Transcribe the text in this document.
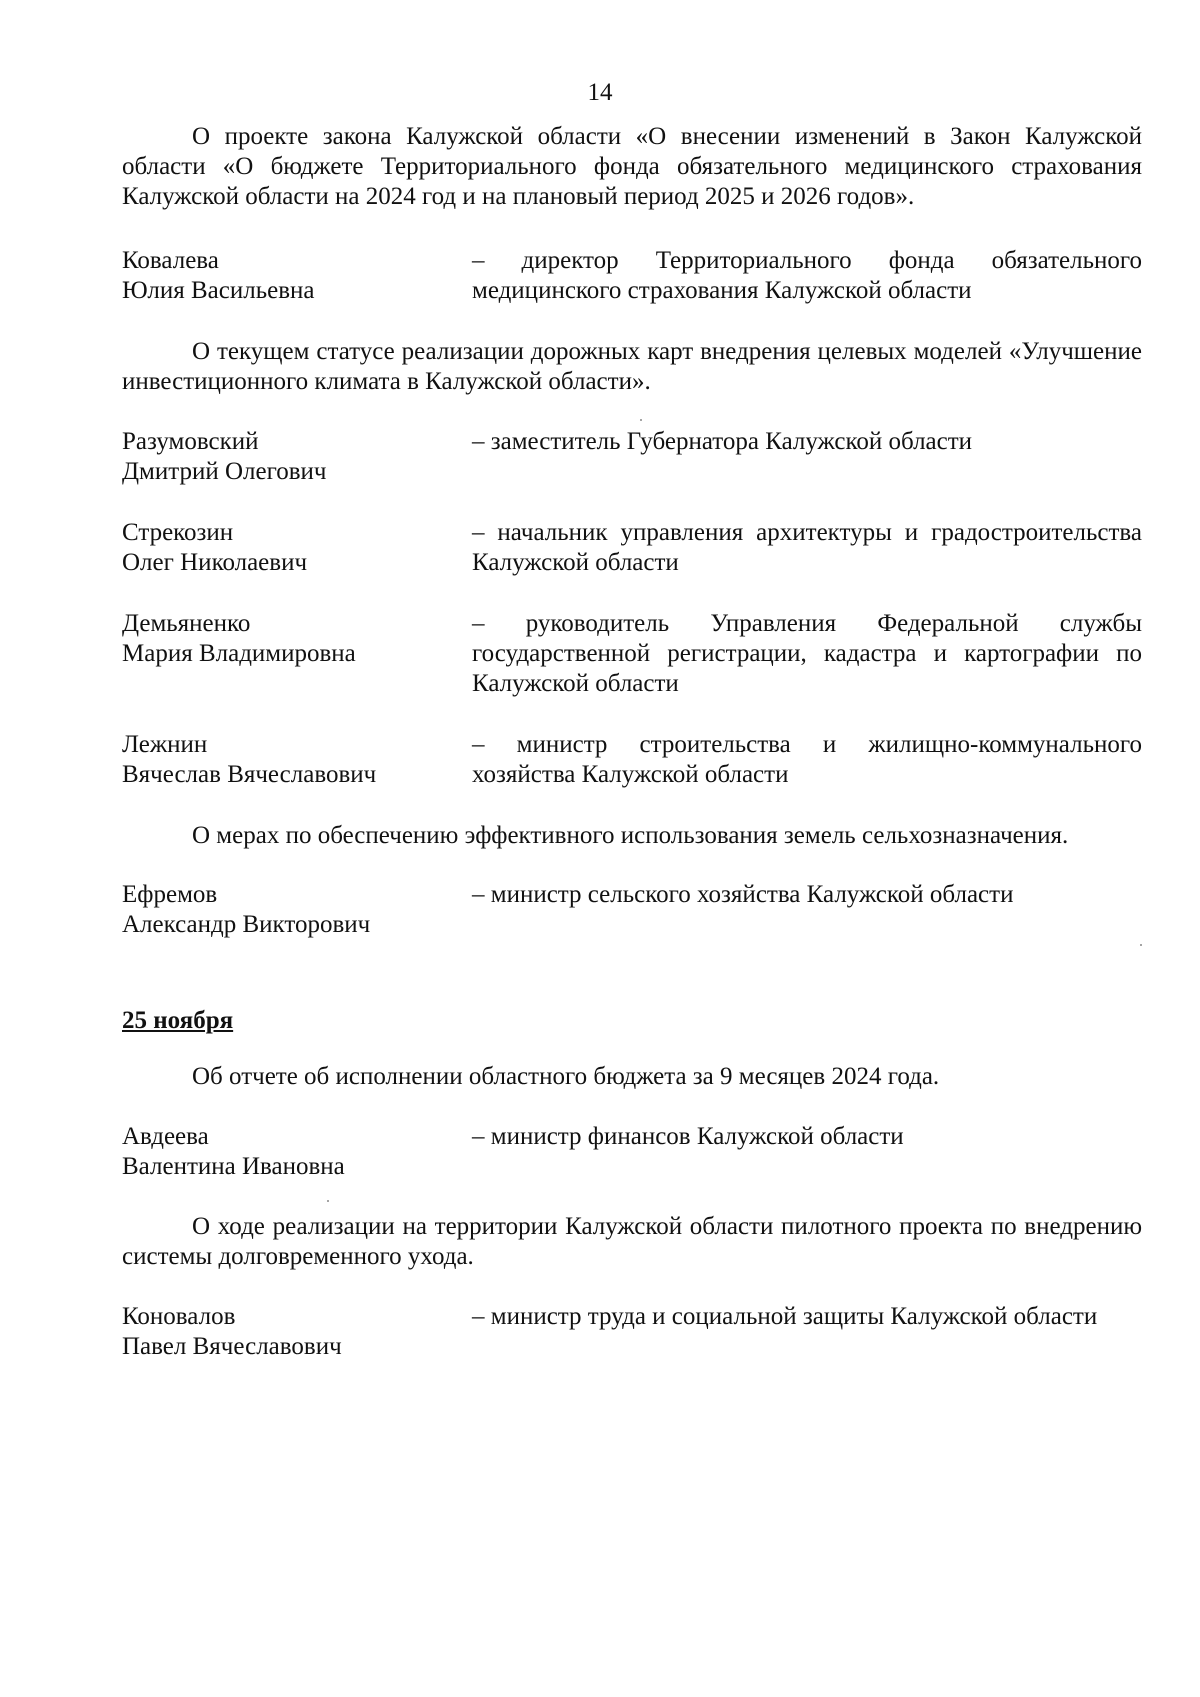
14

О проекте закона Калужской области «О внесении изменений в Закон Калужской области «О бюджете Территориального фонда обязательного медицинского страхования Калужской области на 2024 год и на плановый период 2025 и 2026 годов».

Ковалева
Юлия Васильевна
– директор Территориального фонда обязательного медицинского страхования Калужской области

О текущем статусе реализации дорожных карт внедрения целевых моделей «Улучшение инвестиционного климата в Калужской области».

Разумовский
Дмитрий Олегович
– заместитель Губернатора Калужской области
Стрекозин
Олег Николаевич
– начальник управления архитектуры и градостроительства Калужской области
Демьяненко
Мария Владимировна
– руководитель Управления Федеральной службы государственной регистрации, кадастра и картографии по Калужской области
Лежнин
Вячеслав Вячеславович
– министр строительства и жилищно-коммунального хозяйства Калужской области

О мерах по обеспечению эффективного использования земель сельхозназначения.

Ефремов
Александр Викторович
– министр сельского хозяйства Калужской области
25 ноября

Об отчете об исполнении областного бюджета за 9 месяцев 2024 года.

Авдеева
Валентина Ивановна
– министр финансов Калужской области

О ходе реализации на территории Калужской области пилотного проекта по внедрению системы долговременного ухода.

Коновалов
Павел Вячеславович
– министр труда и социальной защиты Калужской области
